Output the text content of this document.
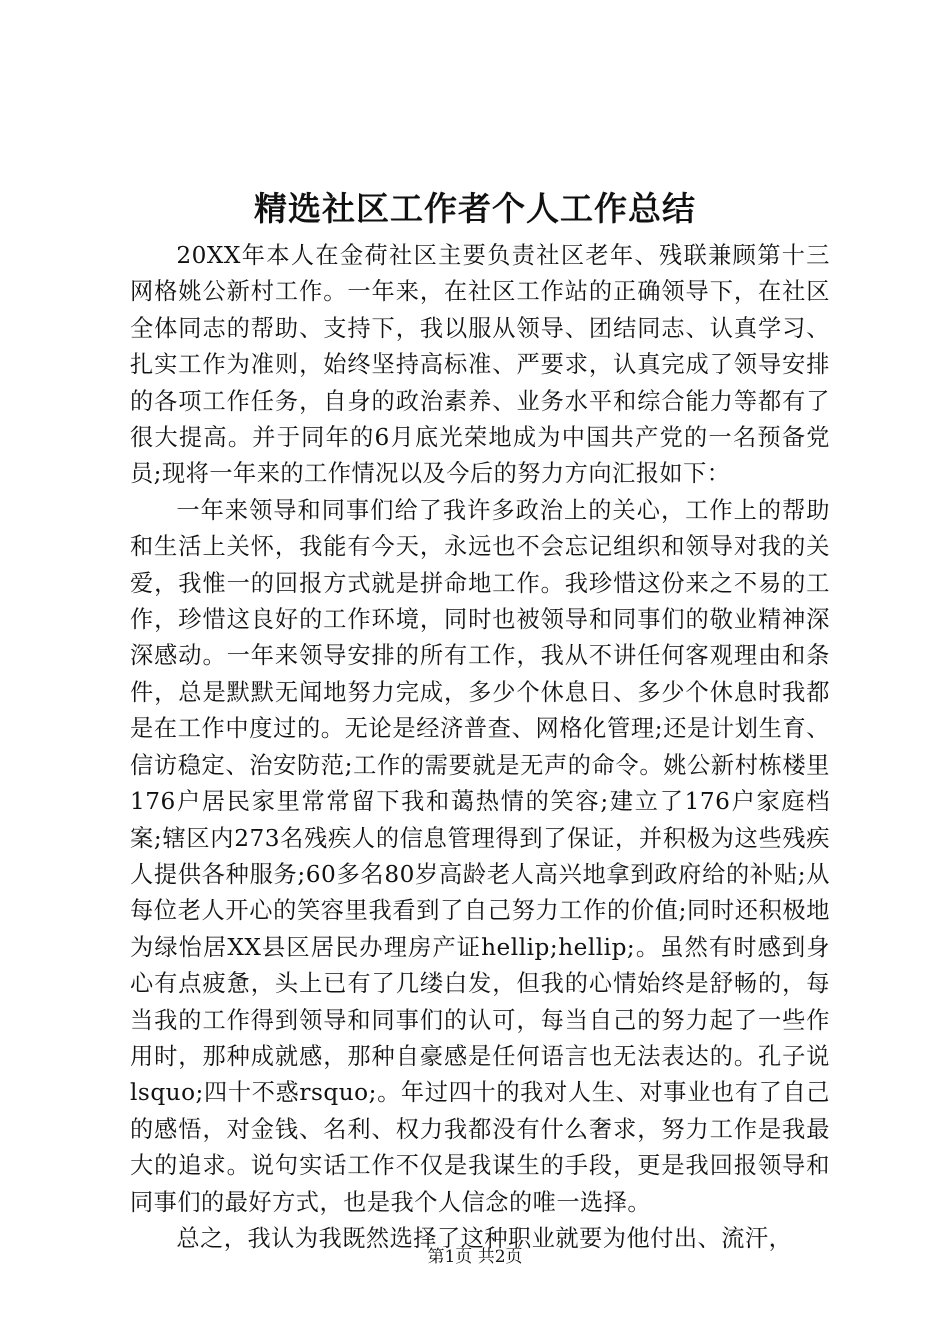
精选社区工作者个人工作总结

20XX年本人在金荷社区主要负责社区老年、残联兼顾第十三网格姚公新村工作。一年来，在社区工作站的正确领导下，在社区全体同志的帮助、支持下，我以服从领导、团结同志、认真学习、扎实工作为准则，始终坚持高标准、严要求，认真完成了领导安排的各项工作任务，自身的政治素养、业务水平和综合能力等都有了很大提高。并于同年的6月底光荣地成为中国共产党的一名预备党员;现将一年来的工作情况以及今后的努力方向汇报如下：

一年来领导和同事们给了我许多政治上的关心，工作上的帮助和生活上关怀，我能有今天，永远也不会忘记组织和领导对我的关爱，我惟一的回报方式就是拼命地工作。我珍惜这份来之不易的工作，珍惜这良好的工作环境，同时也被领导和同事们的敬业精神深深感动。一年来领导安排的所有工作，我从不讲任何客观理由和条件，总是默默无闻地努力完成，多少个休息日、多少个休息时我都是在工作中度过的。无论是经济普查、网格化管理;还是计划生育、信访稳定、治安防范;工作的需要就是无声的命令。姚公新村栋楼里176户居民家里常常留下我和蔼热情的笑容;建立了176户家庭档案;辖区内273名残疾人的信息管理得到了保证，并积极为这些残疾人提供各种服务;60多名80岁高龄老人高兴地拿到政府给的补贴;从每位老人开心的笑容里我看到了自己努力工作的价值;同时还积极地为绿怡居XX县区居民办理房产证hellip;hellip;。虽然有时感到身心有点疲惫，头上已有了几缕白发，但我的心情始终是舒畅的，每当我的工作得到领导和同事们的认可，每当自己的努力起了一些作用时，那种成就感，那种自豪感是任何语言也无法表达的。孔子说lsquo;四十不惑rsquo;。年过四十的我对人生、对事业也有了自己的感悟，对金钱、名利、权力我都没有什么奢求，努力工作是我最大的追求。说句实话工作不仅是我谋生的手段，更是我回报领导和同事们的最好方式，也是我个人信念的唯一选择。

总之，我认为我既然选择了这种职业就要为他付出、流汗，

第1页 共2页
